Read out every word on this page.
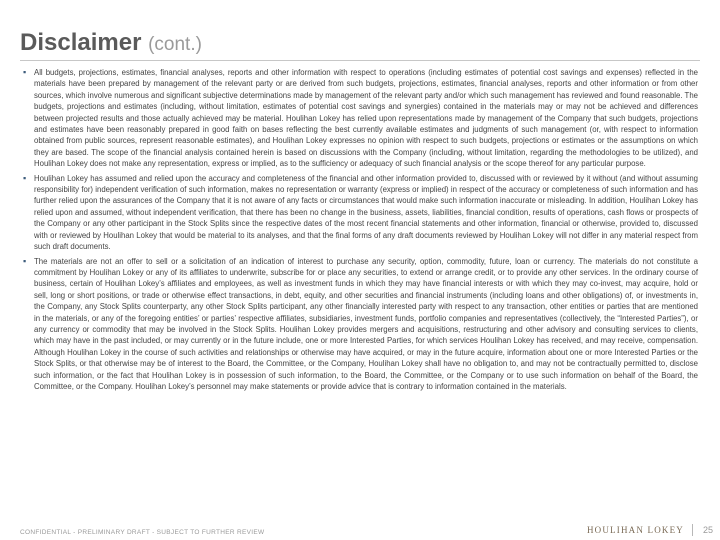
Disclaimer (cont.)
▪ All budgets, projections, estimates, financial analyses, reports and other information with respect to operations (including estimates of potential cost savings and expenses) reflected in the materials have been prepared by management of the relevant party or are derived from such budgets, projections, estimates, financial analyses, reports and other information or from other sources, which involve numerous and significant subjective determinations made by management of the relevant party and/or which such management has reviewed and found reasonable. The budgets, projections and estimates (including, without limitation, estimates of potential cost savings and synergies) contained in the materials may or may not be achieved and differences between projected results and those actually achieved may be material. Houlihan Lokey has relied upon representations made by management of the Company that such budgets, projections and estimates have been reasonably prepared in good faith on bases reflecting the best currently available estimates and judgments of such management (or, with respect to information obtained from public sources, represent reasonable estimates), and Houlihan Lokey expresses no opinion with respect to such budgets, projections or estimates or the assumptions on which they are based. The scope of the financial analysis contained herein is based on discussions with the Company (including, without limitation, regarding the methodologies to be utilized), and Houlihan Lokey does not make any representation, express or implied, as to the sufficiency or adequacy of such financial analysis or the scope thereof for any particular purpose.
▪ Houlihan Lokey has assumed and relied upon the accuracy and completeness of the financial and other information provided to, discussed with or reviewed by it without (and without assuming responsibility for) independent verification of such information, makes no representation or warranty (express or implied) in respect of the accuracy or completeness of such information and has further relied upon the assurances of the Company that it is not aware of any facts or circumstances that would make such information inaccurate or misleading. In addition, Houlihan Lokey has relied upon and assumed, without independent verification, that there has been no change in the business, assets, liabilities, financial condition, results of operations, cash flows or prospects of the Company or any other participant in the Stock Splits since the respective dates of the most recent financial statements and other information, financial or otherwise, provided to, discussed with or reviewed by Houlihan Lokey that would be material to its analyses, and that the final forms of any draft documents reviewed by Houlihan Lokey will not differ in any material respect from such draft documents.
▪ The materials are not an offer to sell or a solicitation of an indication of interest to purchase any security, option, commodity, future, loan or currency. The materials do not constitute a commitment by Houlihan Lokey or any of its affiliates to underwrite, subscribe for or place any securities, to extend or arrange credit, or to provide any other services. In the ordinary course of business, certain of Houlihan Lokey’s affiliates and employees, as well as investment funds in which they may have financial interests or with which they may co-invest, may acquire, hold or sell, long or short positions, or trade or otherwise effect transactions, in debt, equity, and other securities and financial instruments (including loans and other obligations) of, or investments in, the Company, any Stock Splits counterparty, any other Stock Splits participant, any other financially interested party with respect to any transaction, other entities or parties that are mentioned in the materials, or any of the foregoing entities’ or parties’ respective affiliates, subsidiaries, investment funds, portfolio companies and representatives (collectively, the “Interested Parties”), or any currency or commodity that may be involved in the Stock Splits. Houlihan Lokey provides mergers and acquisitions, restructuring and other advisory and consulting services to clients, which may have in the past included, or may currently or in the future include, one or more Interested Parties, for which services Houlihan Lokey has received, and may receive, compensation. Although Houlihan Lokey in the course of such activities and relationships or otherwise may have acquired, or may in the future acquire, information about one or more Interested Parties or the Stock Splits, or that otherwise may be of interest to the Board, the Committee, or the Company, Houlihan Lokey shall have no obligation to, and may not be contractually permitted to, disclose such information, or the fact that Houlihan Lokey is in possession of such information, to the Board, the Committee, or the Company or to use such information on behalf of the Board, the Committee, or the Company. Houlihan Lokey’s personnel may make statements or provide advice that is contrary to information contained in the materials.
CONFIDENTIAL - PRELIMINARY DRAFT - SUBJECT TO FURTHER REVIEW	HOULIHAN LOKEY 25
